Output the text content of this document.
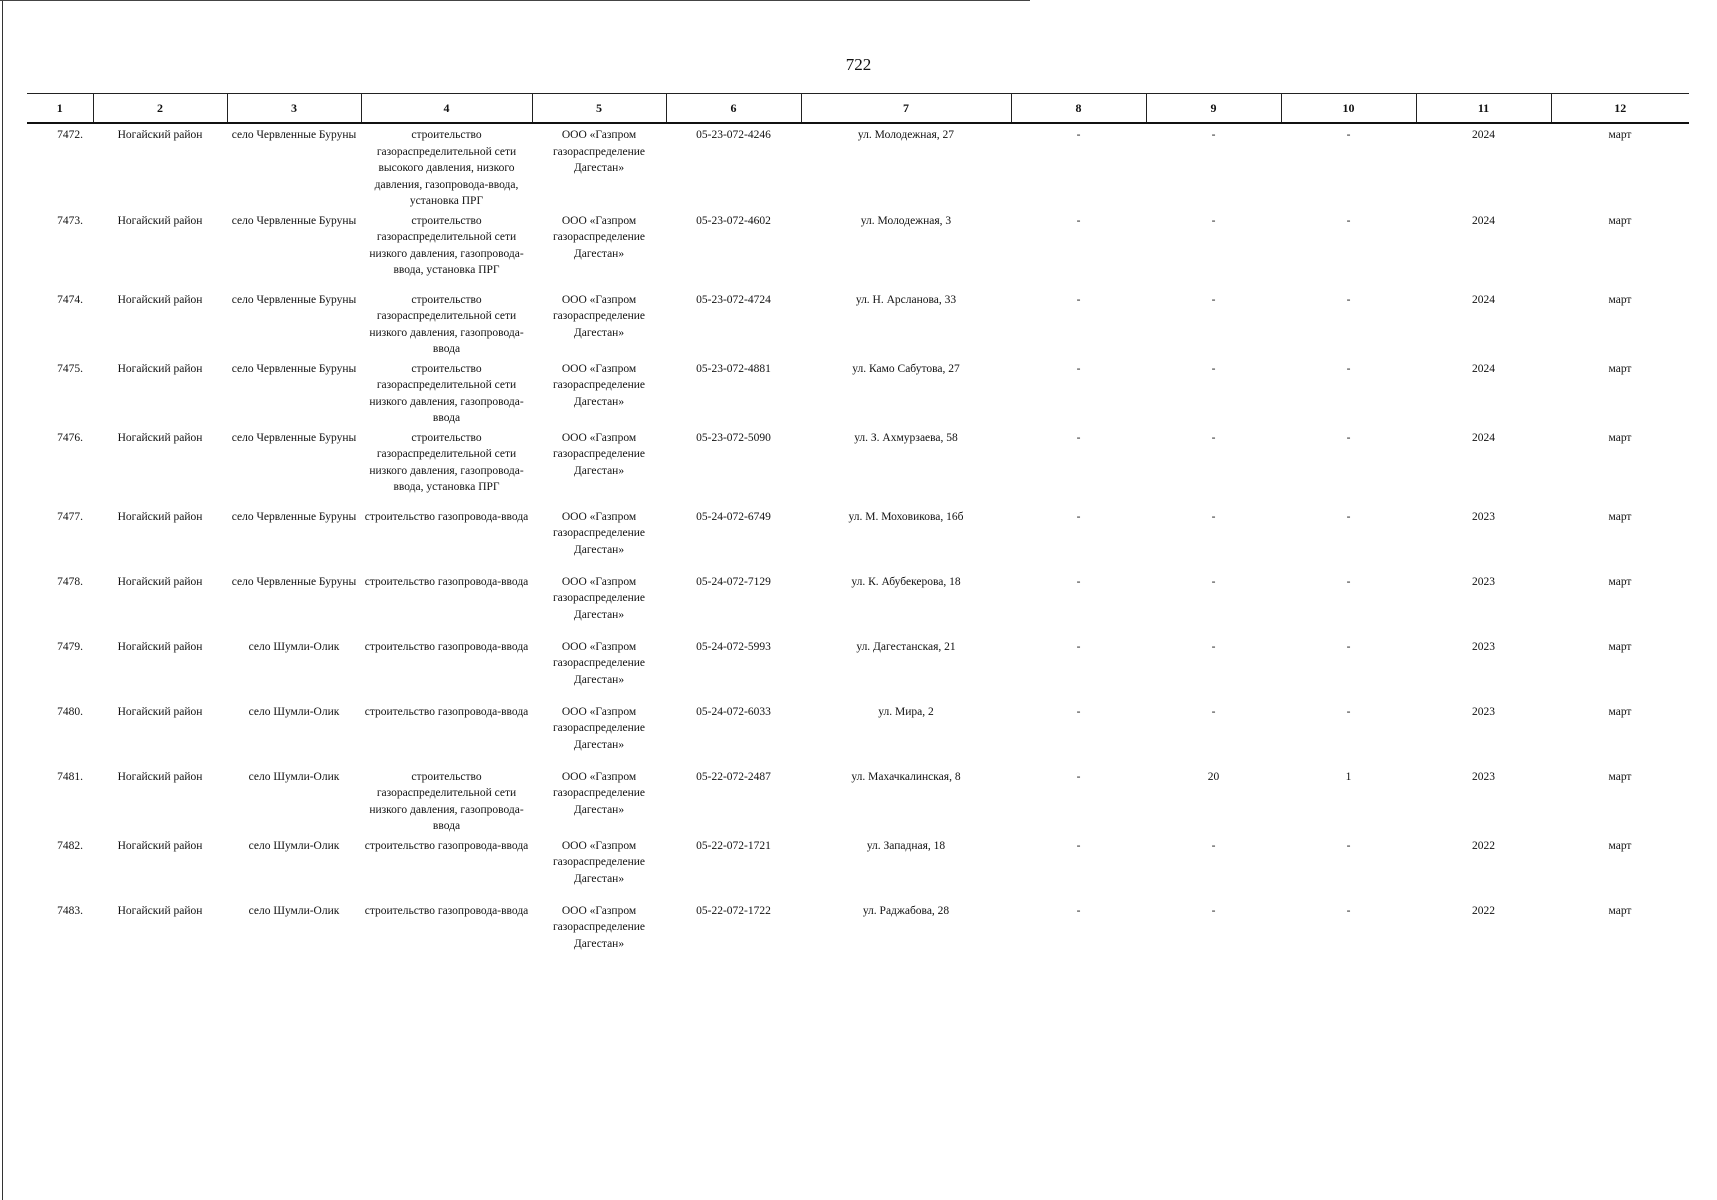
722
1	2	3	4	5	6	7	8	9	10	11	12
7472.	Ногайский район	село Червленные Буруны	строительство газораспределительной сети высокого давления, низкого давления, газопровода-ввода, установка ПРГ	ООО «Газпром газораспределение Дагестан»	05-23-072-4246	ул. Молодежная, 27	-	-	-	2024	март
7473.	Ногайский район	село Червленные Буруны	строительство газораспределительной сети низкого давления, газопровода-ввода, установка ПРГ	ООО «Газпром газораспределение Дагестан»	05-23-072-4602	ул. Молодежная, 3	-	-	-	2024	март
7474.	Ногайский район	село Червленные Буруны	строительство газораспределительной сети низкого давления, газопровода-ввода	ООО «Газпром газораспределение Дагестан»	05-23-072-4724	ул. Н. Арсланова, 33	-	-	-	2024	март
7475.	Ногайский район	село Червленные Буруны	строительство газораспределительной сети низкого давления, газопровода-ввода	ООО «Газпром газораспределение Дагестан»	05-23-072-4881	ул. Камо Сабутова, 27	-	-	-	2024	март
7476.	Ногайский район	село Червленные Буруны	строительство газораспределительной сети низкого давления, газопровода-ввода, установка ПРГ	ООО «Газпром газораспределение Дагестан»	05-23-072-5090	ул. З. Ахмурзаева, 58	-	-	-	2024	март
7477.	Ногайский район	село Червленные Буруны	строительство газопровода-ввода	ООО «Газпром газораспределение Дагестан»	05-24-072-6749	ул. М. Моховикова, 16б	-	-	-	2023	март
7478.	Ногайский район	село Червленные Буруны	строительство газопровода-ввода	ООО «Газпром газораспределение Дагестан»	05-24-072-7129	ул. К. Абубекерова, 18	-	-	-	2023	март
7479.	Ногайский район	село Шумли-Олик	строительство газопровода-ввода	ООО «Газпром газораспределение Дагестан»	05-24-072-5993	ул. Дагестанская, 21	-	-	-	2023	март
7480.	Ногайский район	село Шумли-Олик	строительство газопровода-ввода	ООО «Газпром газораспределение Дагестан»	05-24-072-6033	ул. Мира, 2	-	-	-	2023	март
7481.	Ногайский район	село Шумли-Олик	строительство газораспределительной сети низкого давления, газопровода-ввода	ООО «Газпром газораспределение Дагестан»	05-22-072-2487	ул. Махачкалинская, 8	-	20	1	2023	март
7482.	Ногайский район	село Шумли-Олик	строительство газопровода-ввода	ООО «Газпром газораспределение Дагестан»	05-22-072-1721	ул. Западная, 18	-	-	-	2022	март
7483.	Ногайский район	село Шумли-Олик	строительство газопровода-ввода	ООО «Газпром газораспределение Дагестан»	05-22-072-1722	ул. Раджабова, 28	-	-	-	2022	март
